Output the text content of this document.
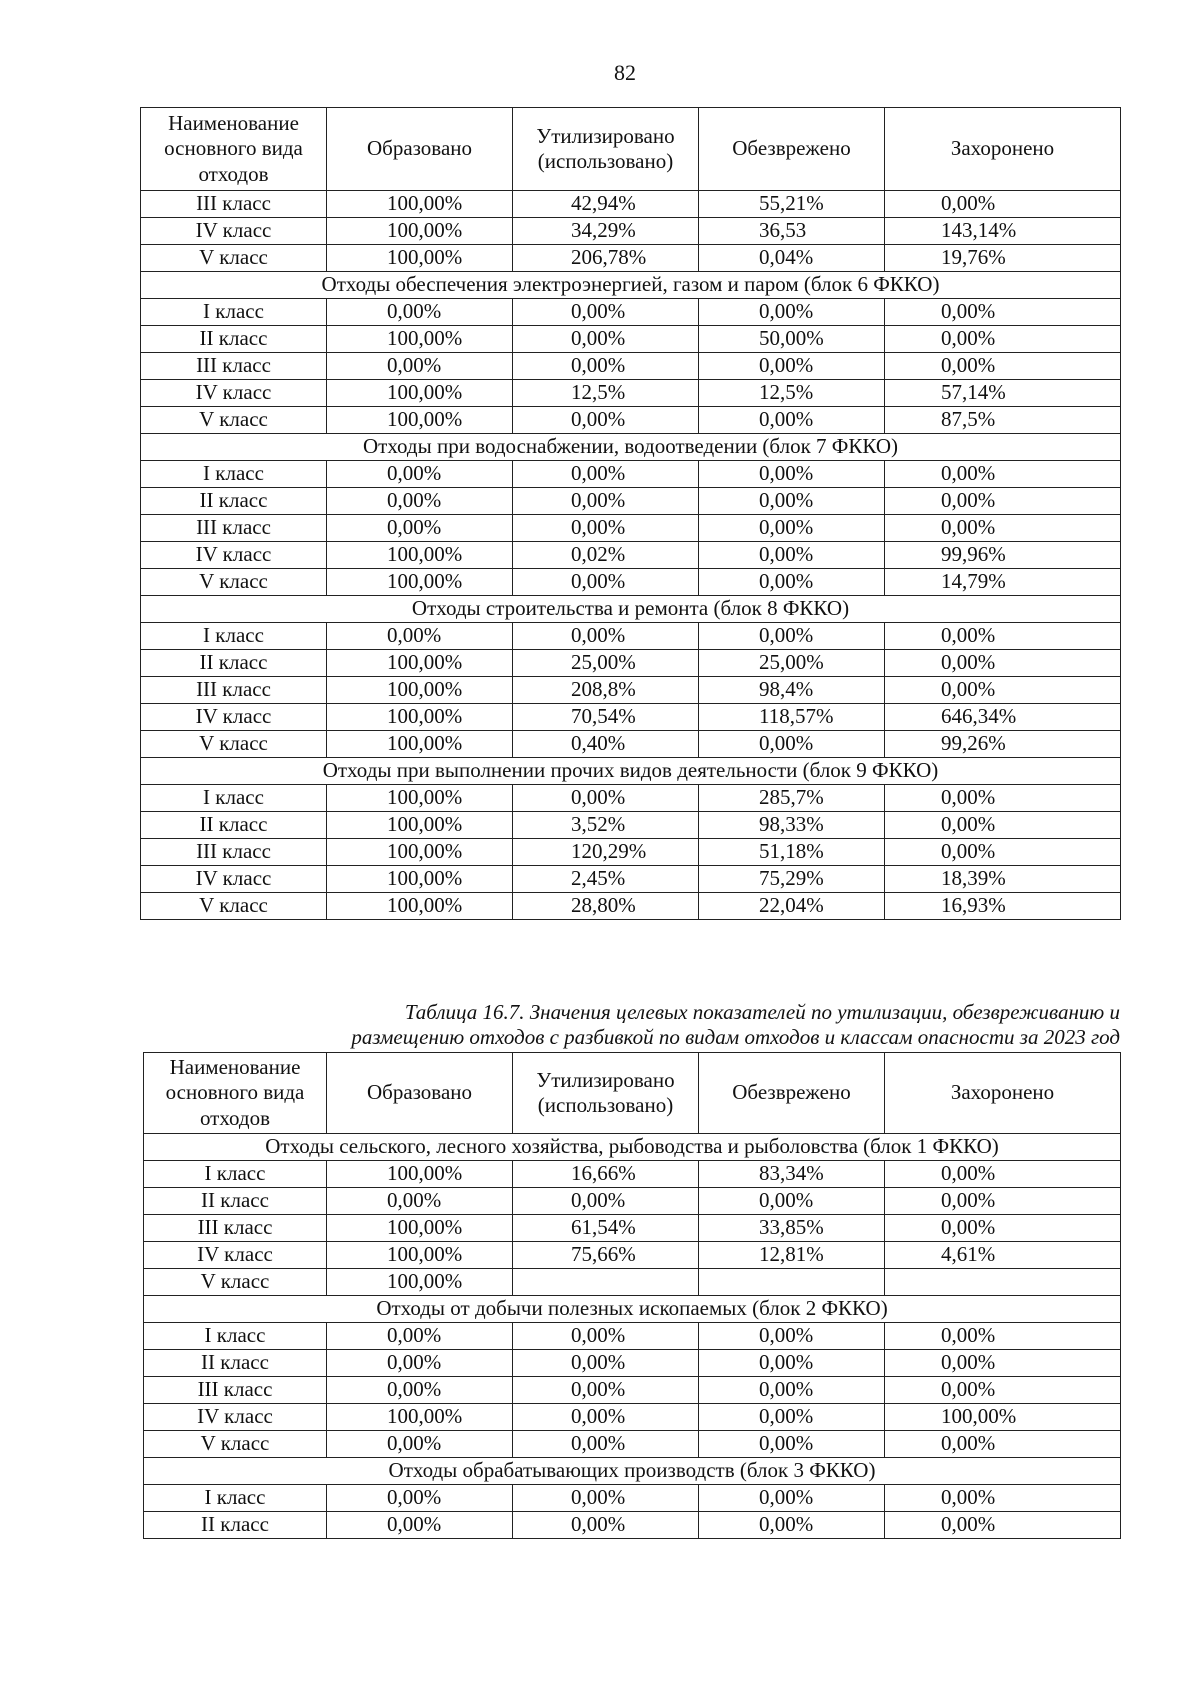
82
Наименование основного вида отходов	Образовано	Утилизировано (использовано)	Обезврежено	Захоронено
III класс	100,00%	42,94%	55,21%	0,00%
IV класс	100,00%	34,29%	36,53	143,14%
V класс	100,00%	206,78%	0,04%	19,76%
Отходы обеспечения электроэнергией, газом и паром (блок 6 ФККО)				
I класс	0,00%	0,00%	0,00%	0,00%
II класс	100,00%	0,00%	50,00%	0,00%
III класс	0,00%	0,00%	0,00%	0,00%
IV класс	100,00%	12,5%	12,5%	57,14%
V класс	100,00%	0,00%	0,00%	87,5%
Отходы при водоснабжении, водоотведении (блок 7 ФККО)				
I класс	0,00%	0,00%	0,00%	0,00%
II класс	0,00%	0,00%	0,00%	0,00%
III класс	0,00%	0,00%	0,00%	0,00%
IV класс	100,00%	0,02%	0,00%	99,96%
V класс	100,00%	0,00%	0,00%	14,79%
Отходы строительства и ремонта (блок 8 ФККО)				
I класс	0,00%	0,00%	0,00%	0,00%
II класс	100,00%	25,00%	25,00%	0,00%
III класс	100,00%	208,8%	98,4%	0,00%
IV класс	100,00%	70,54%	118,57%	646,34%
V класс	100,00%	0,40%	0,00%	99,26%
Отходы при выполнении прочих видов деятельности (блок 9 ФККО)				
I класс	100,00%	0,00%	285,7%	0,00%
II класс	100,00%	3,52%	98,33%	0,00%
III класс	100,00%	120,29%	51,18%	0,00%
IV класс	100,00%	2,45%	75,29%	18,39%
V класс	100,00%	28,80%	22,04%	16,93%
Таблица 16.7. Значения целевых показателей по утилизации, обезвреживанию и
размещению отходов с разбивкой по видам отходов и классам опасности за 2023 год
Наименование основного вида отходов	Образовано	Утилизировано (использовано)	Обезврежено	Захоронено
Отходы сельского, лесного хозяйства, рыбоводства и рыболовства (блок 1 ФККО)				
I класс	100,00%	16,66%	83,34%	0,00%
II класс	0,00%	0,00%	0,00%	0,00%
III класс	100,00%	61,54%	33,85%	0,00%
IV класс	100,00%	75,66%	12,81%	4,61%
V класс	100,00%			
Отходы от добычи полезных ископаемых (блок 2 ФККО)				
I класс	0,00%	0,00%	0,00%	0,00%
II класс	0,00%	0,00%	0,00%	0,00%
III класс	0,00%	0,00%	0,00%	0,00%
IV класс	100,00%	0,00%	0,00%	100,00%
V класс	0,00%	0,00%	0,00%	0,00%
Отходы обрабатывающих производств (блок 3 ФККО)				
I класс	0,00%	0,00%	0,00%	0,00%
II класс	0,00%	0,00%	0,00%	0,00%
